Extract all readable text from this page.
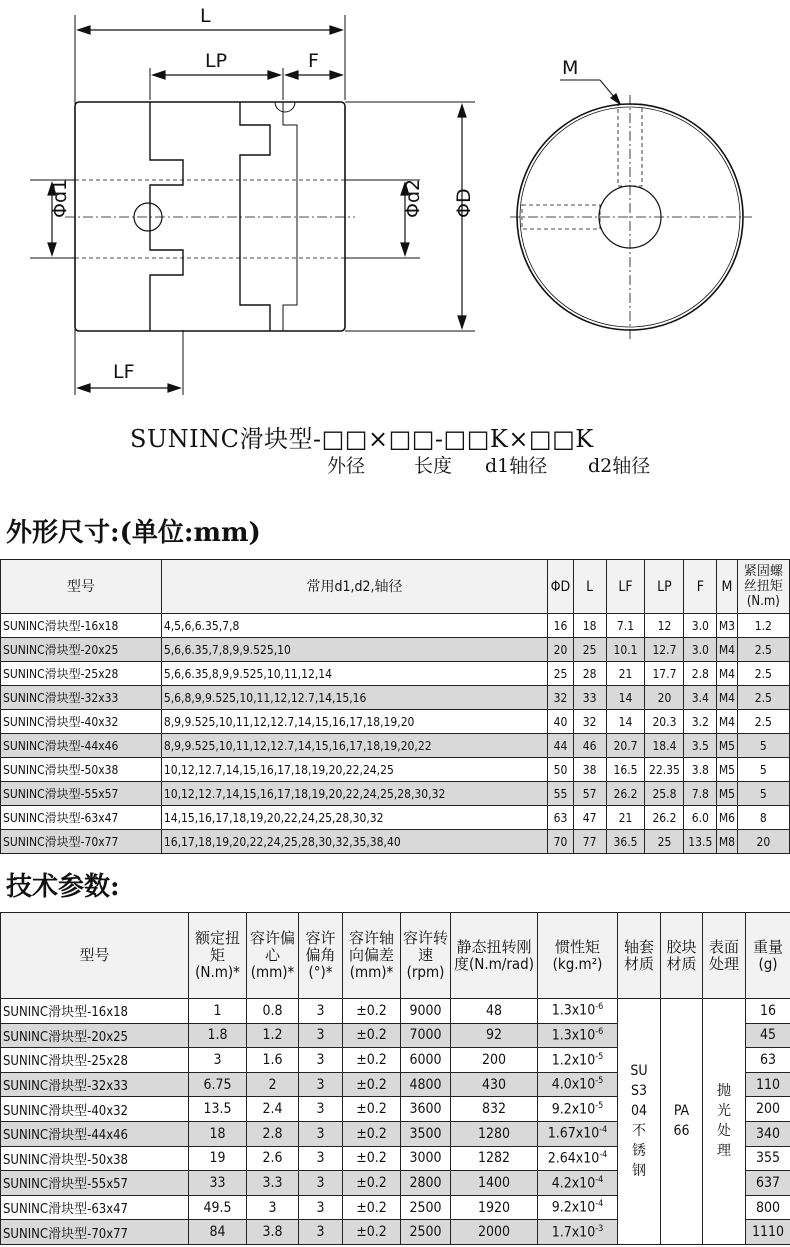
L
LP	F
LF
Φd1	Φd2 ΦD
M
SUNINC滑块型-□□×□□-□□K×□□K
外径	长度 d1轴径 d2轴径
外形尺寸:(单位:mm)
型号	常用d1,d2,轴径	ΦD	L	LF	LP	F	M	紧固螺丝扭矩(N.m)
SUNINC滑块型-16x18	4,5,6,6.35,7,8	16	18	7.1	12	3.0	M3	1.2
SUNINC滑块型-20x25	5,6,6.35,7,8,9,9.525,10	20	25	10.1	12.7	3.0	M4	2.5
SUNINC滑块型-25x28	5,6,6.35,8,9,9.525,10,11,12,14	25	28	21	17.7	2.8	M4	2.5
SUNINC滑块型-32x33	5,6,8,9,9.525,10,11,12,12.7,14,15,16	32	33	14	20	3.4	M4	2.5
SUNINC滑块型-40x32	8,9,9.525,10,11,12,12.7,14,15,16,17,18,19,20	40	32	14	20.3	3.2	M4	2.5
SUNINC滑块型-44x46	8,9,9.525,10,11,12,12.7,14,15,16,17,18,19,20,22	44	46	20.7	18.4	3.5	M5	5
SUNINC滑块型-50x38	10,12,12.7,14,15,16,17,18,19,20,22,24,25	50	38	16.5	22.35	3.8	M5	5
SUNINC滑块型-55x57	10,12,12.7,14,15,16,17,18,19,20,22,24,25,28,30,32	55	57	26.2	25.8	7.8	M5	5
SUNINC滑块型-63x47	14,15,16,17,18,19,20,22,24,25,28,30,32	63	47	21	26.2	6.0	M6	8
SUNINC滑块型-70x77	16,17,18,19,20,22,24,25,28,30,32,35,38,40	70	77	36.5	25	13.5	M8	20
技术参数:
型号	额定扭矩(N.m)*	容许偏心(mm)*	容许偏角(°)*	容许轴向偏差(mm)*	容许转速(rpm)	静态扭转刚度(N.m/rad)	惯性矩(kg.m²)	轴套材质	胶块材质	表面处理	重量(g)
SUNINC滑块型-16x18	1	0.8	3	±0.2	9000	48	$1.3x10^{-6}$	SUS304不锈钢	PA66	抛光处理	16
SUNINC滑块型-20x25	1.8	1.2	3	±0.2	7000	92	$1.3x10^{-6}$				45
SUNINC滑块型-25x28	3	1.6	3	±0.2	6000	200	$1.2x10^{-5}$				63
SUNINC滑块型-32x33	6.75	2	3	±0.2	4800	430	$4.0x10^{-5}$				110
SUNINC滑块型-40x32	13.5	2.4	3	±0.2	3600	832	$9.2x10^{-5}$				200
SUNINC滑块型-44x46	18	2.8	3	±0.2	3500	1280	$1.67x10^{-4}$				340
SUNINC滑块型-50x38	19	2.6	3	±0.2	3000	1282	$2.64x10^{-4}$				355
SUNINC滑块型-55x57	33	3.3	3	±0.2	2800	1400	$4.2x10^{-4}$				637
SUNINC滑块型-63x47	49.5	3	3	±0.2	2500	1920	$9.2x10^{-4}$				800
SUNINC滑块型-70x77	84	3.8	3	±0.2	2500	2000	$1.7x10^{-3}$				1110
